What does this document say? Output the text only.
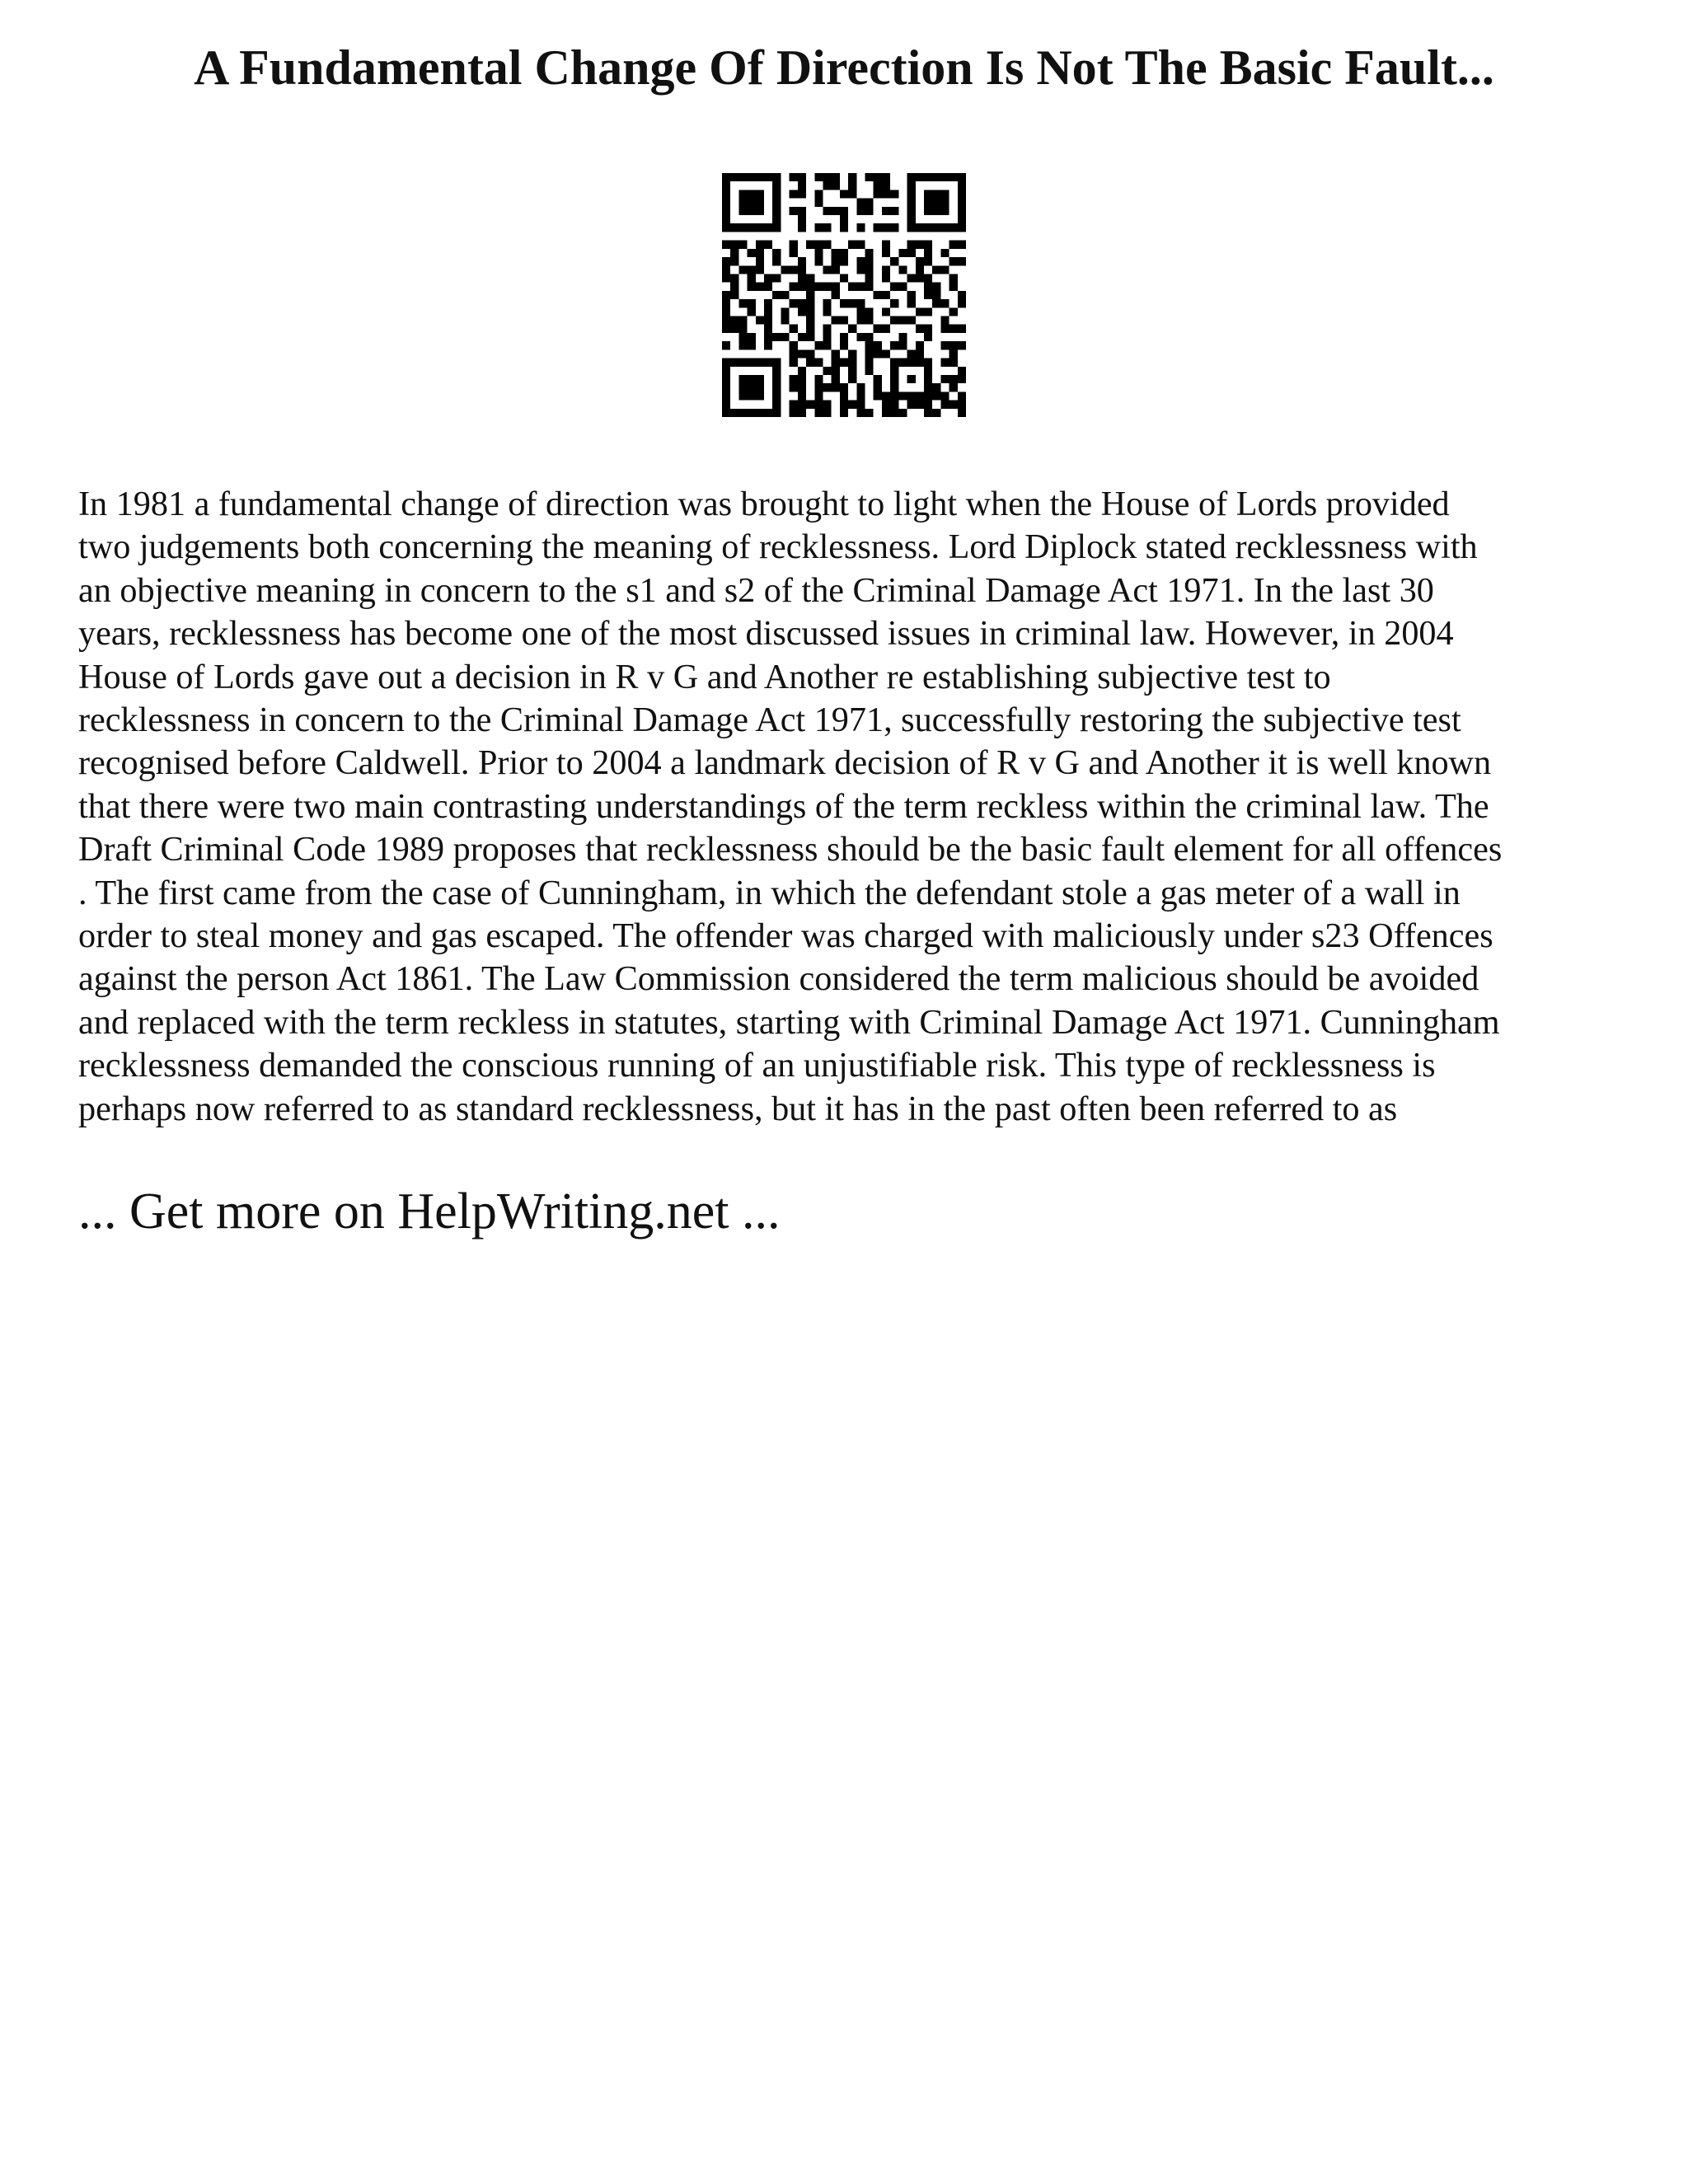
A Fundamental Change Of Direction Is Not The Basic Fault...

In 1981 a fundamental change of direction was brought to light when the House of Lords provided
two judgements both concerning the meaning of recklessness. Lord Diplock stated recklessness with
an objective meaning in concern to the s1 and s2 of the Criminal Damage Act 1971. In the last 30
years, recklessness has become one of the most discussed issues in criminal law. However, in 2004
House of Lords gave out a decision in R v G and Another re establishing subjective test to
recklessness in concern to the Criminal Damage Act 1971, successfully restoring the subjective test
recognised before Caldwell. Prior to 2004 a landmark decision of R v G and Another it is well known
that there were two main contrasting understandings of the term reckless within the criminal law. The
Draft Criminal Code 1989 proposes that recklessness should be the basic fault element for all offences
. The first came from the case of Cunningham, in which the defendant stole a gas meter of a wall in
order to steal money and gas escaped. The offender was charged with maliciously under s23 Offences
against the person Act 1861. The Law Commission considered the term malicious should be avoided
and replaced with the term reckless in statutes, starting with Criminal Damage Act 1971. Cunningham
recklessness demanded the conscious running of an unjustifiable risk. This type of recklessness is
perhaps now referred to as standard recklessness, but it has in the past often been referred to as

... Get more on HelpWriting.net ...
